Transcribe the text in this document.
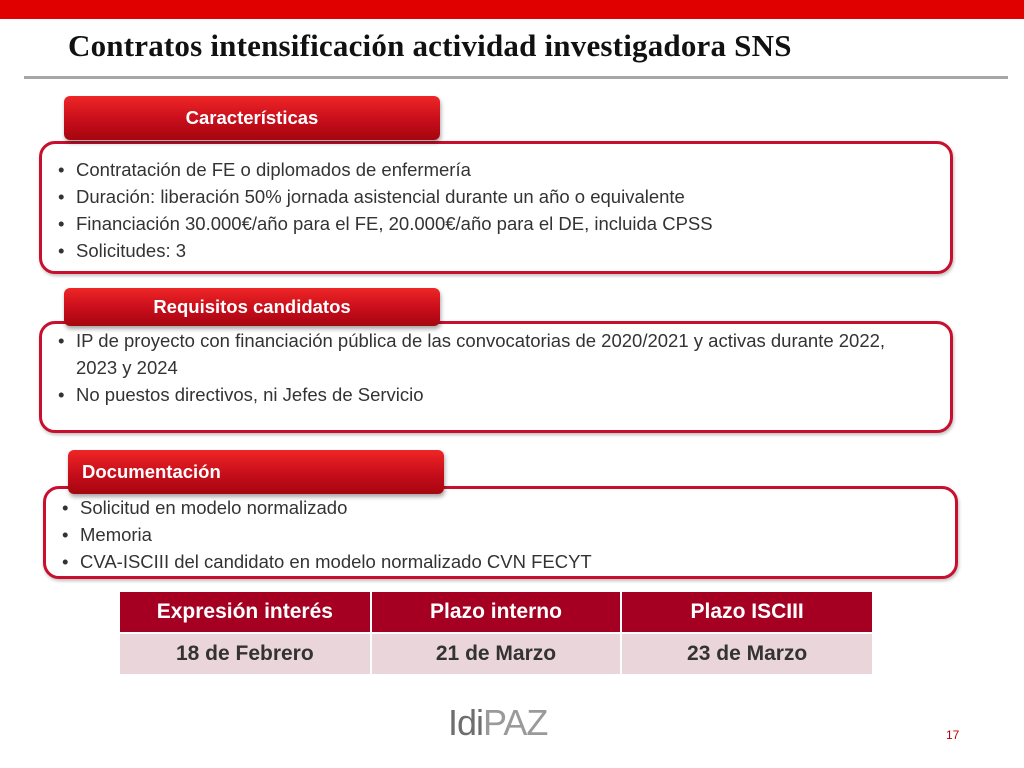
Contratos intensificación actividad investigadora SNS
• Contratación de FE o diplomados de enfermería
• Duración: liberación 50% jornada asistencial durante un año o equivalente
• Financiación 30.000€/año para el FE, 20.000€/año para el DE, incluida CPSS
• Solicitudes: 3
Características
• IP de proyecto con financiación pública de las convocatorias de 2020/2021 y activas durante 2022, 2023 y 2024
• No puestos directivos, ni Jefes de Servicio
Requisitos candidatos
• Solicitud en modelo normalizado
• Memoria
• CVA-ISCIII del candidato en modelo normalizado CVN FECYT
Documentación
Expresión interés	Plazo interno	Plazo ISCIII
18 de Febrero	21 de Marzo	23 de Marzo
IdiPAZ	17
